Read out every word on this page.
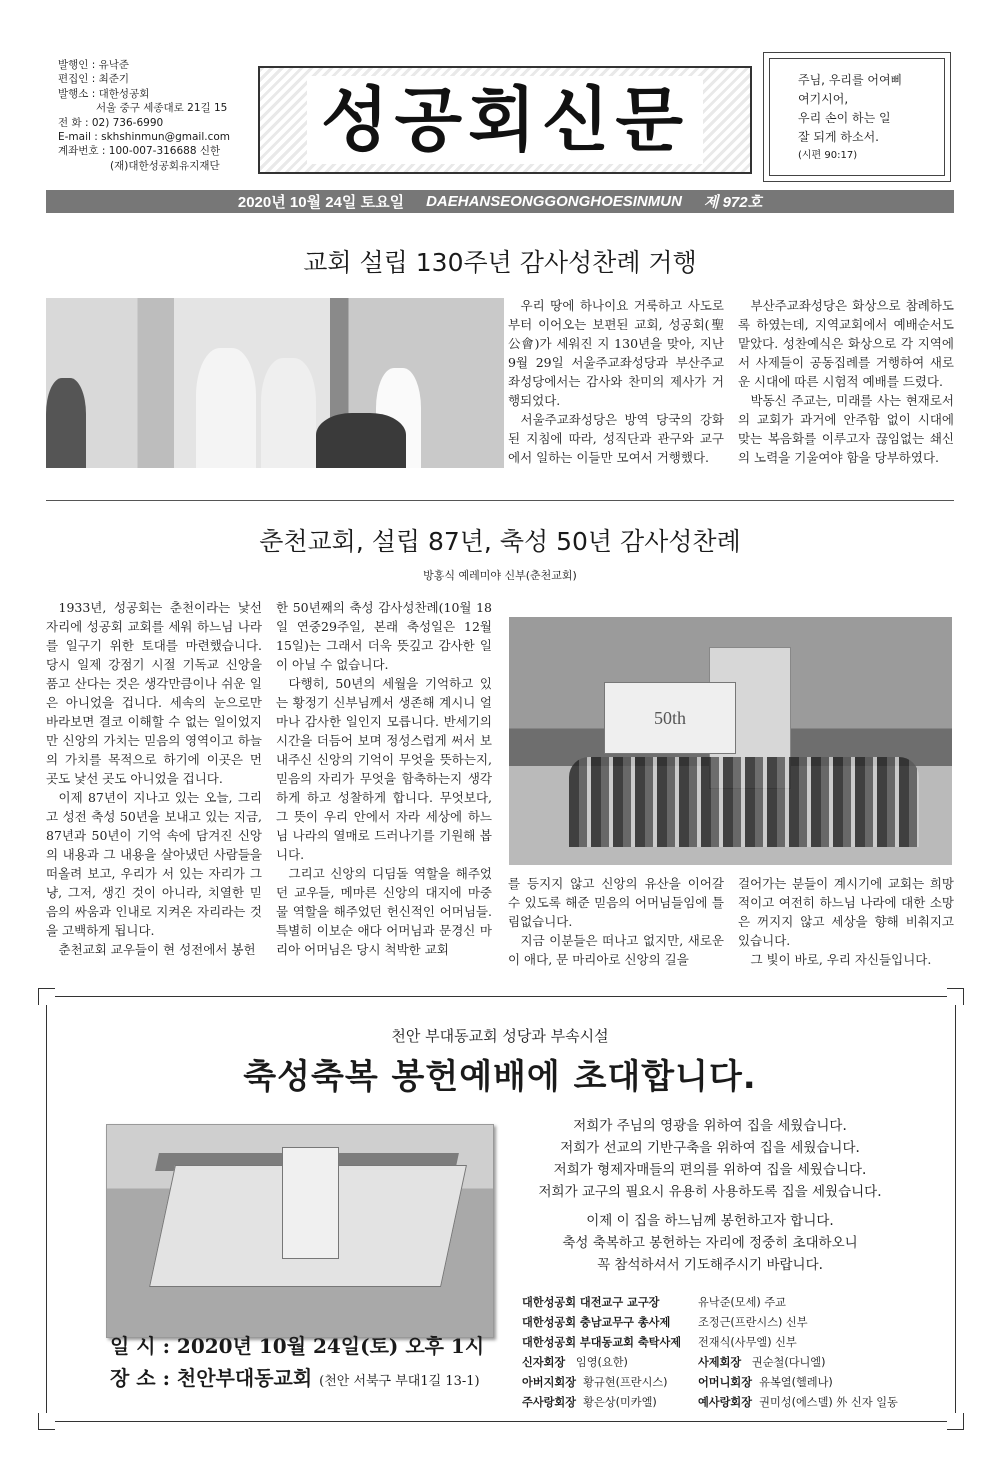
발행인 : 유낙준
편집인 : 최준기
발행소 : 대한성공회
서울 중구 세종대로 21길 15
전 화 : 02) 736-6990
E-mail : skhshinmun@gmail.com
계좌번호 : 100-007-316688 신한
(재)대한성공회유지재단
성공회신문	주님, 우리를 어여삐
여기시어,
우리 손이 하는 일
잘 되게 하소서.
(시편 90:17)
2020년 10월 24일 토요일 DAEHANSEONGGONGHOESINMUN 제 972호
교회 설립 130주년 감사성찬례 거행

우리 땅에 하나이요 거룩하고 사도로부터 이어오는 보편된 교회, 성공회(聖公會)가 세워진 지 130년을 맞아, 지난 9월 29일 서울주교좌성당과 부산주교좌성당에서는 감사와 찬미의 제사가 거행되었다.

서울주교좌성당은 방역 당국의 강화된 지침에 따라, 성직단과 관구와 교구에서 일하는 이들만 모여서 거행했다.

부산주교좌성당은 화상으로 참례하도록 하였는데, 지역교회에서 예배순서도 맡았다. 성찬예식은 화상으로 각 지역에서 사제들이 공동집례를 거행하여 새로운 시대에 따른 시험적 예배를 드렸다.

박동신 주교는, 미래를 사는 현재로서의 교회가 과거에 안주함 없이 시대에 맞는 복음화를 이루고자 끊임없는 쇄신의 노력을 기울여야 함을 당부하였다.

춘천교회, 설립 87년, 축성 50년 감사성찬례
방홍식 예레미야 신부(춘천교회)

1933년, 성공회는 춘천이라는 낯선 자리에 성공회 교회를 세워 하느님 나라를 일구기 위한 토대를 마련했습니다. 당시 일제 강점기 시절 기독교 신앙을 품고 산다는 것은 생각만큼이나 쉬운 일은 아니었을 겁니다. 세속의 눈으로만 바라보면 결코 이해할 수 없는 일이었지만 신앙의 가치는 믿음의 영역이고 하늘의 가치를 목적으로 하기에 이곳은 먼 곳도 낯선 곳도 아니었을 겁니다.

이제 87년이 지나고 있는 오늘, 그리고 성전 축성 50년을 보내고 있는 지금, 87년과 50년이 기억 속에 담겨진 신앙의 내용과 그 내용을 살아냈던 사람들을 떠올려 보고, 우리가 서 있는 자리가 그냥, 그저, 생긴 것이 아니라, 치열한 믿음의 싸움과 인내로 지켜온 자리라는 것을 고백하게 됩니다.

춘천교회 교우들이 현 성전에서 봉헌

한 50년째의 축성 감사성찬례(10월 18일 연중29주일, 본래 축성일은 12월 15일)는 그래서 더욱 뜻깊고 감사한 일이 아닐 수 없습니다.

다행히, 50년의 세월을 기억하고 있는 황정기 신부님께서 생존해 계시니 얼마나 감사한 일인지 모릅니다. 반세기의 시간을 더듬어 보며 정성스럽게 써서 보내주신 신앙의 기억이 무엇을 뜻하는지, 믿음의 자리가 무엇을 함축하는지 생각하게 하고 성찰하게 합니다. 무엇보다, 그 뜻이 우리 안에서 자라 세상에 하느님 나라의 열매로 드러나기를 기원해 봅니다.

그리고 신앙의 디딤돌 역할을 해주었던 교우들, 메마른 신앙의 대지에 마중물 역할을 해주었던 헌신적인 어머님들. 특별히 이보순 애다 어머님과 문경신 마리아 어머님은 당시 척박한 교회

50th

를 등지지 않고 신앙의 유산을 이어갈 수 있도록 해준 믿음의 어머님들임에 틀림없습니다.

지금 이분들은 떠나고 없지만, 새로운 이 애다, 문 마리아로 신앙의 길을

걸어가는 분들이 계시기에 교회는 희망적이고 여전히 하느님 나라에 대한 소망은 꺼지지 않고 세상을 향해 비춰지고 있습니다.

그 빛이 바로, 우리 자신들입니다.

천안 부대동교회 성당과 부속시설
축성축복 봉헌예배에 초대합니다.
저희가 주님의 영광을 위하여 집을 세웠습니다.
저희가 선교의 기반구축을 위하여 집을 세웠습니다.
저희가 형제자매들의 편의를 위하여 집을 세웠습니다.
저희가 교구의 필요시 유용히 사용하도록 집을 세웠습니다.
이제 이 집을 하느님께 봉헌하고자 합니다.
축성 축복하고 봉헌하는 자리에 정중히 초대하오니
꼭 참석하셔서 기도해주시기 바랍니다.
일 시 : 2020년 10월 24일(토) 오후 1시
장 소 : 천안부대동교회 (천안 서북구 부대1길 13-1)
대한성공회 대전교구 교구장	유낙준(모세) 주교
대한성공회 충남교무구 총사제	조정근(프란시스) 신부
대한성공회 부대동교회 축탁사제	전재식(사무엘) 신부
신자회장 임영(요한)	사제회장 권순철(다니엘)
아버지회장 황규현(프란시스)	어머니회장 유복열(헬레나)
주사랑회장 황은상(미카엘)	예사랑회장 권미성(에스델) 外 신자 일동
